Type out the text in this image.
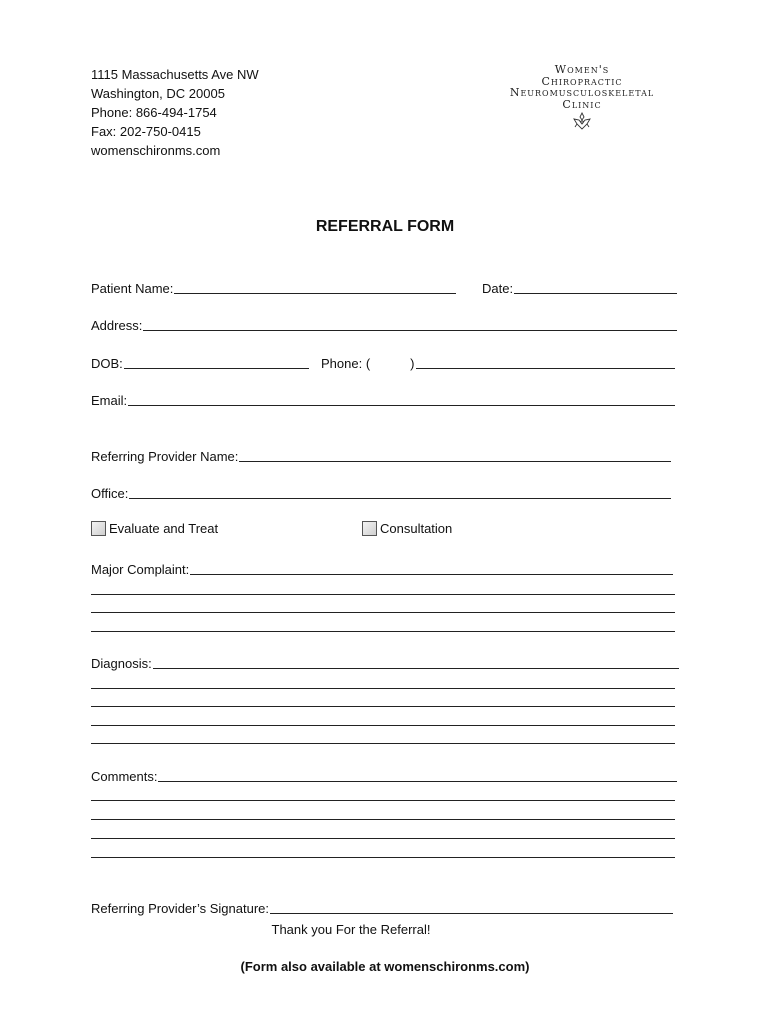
1115 Massachusetts Ave NW
Washington, DC 20005
Phone: 866-494-1754
Fax: 202-750-0415
womenschironms.com
Women's
Chiropractic
Neuromusculoskeletal
Clinic
REFERRAL FORM
Patient Name:	Date:
Address:
DOB:	Phone: (	)
Email:
Referring Provider Name:
Office:
Evaluate and Treat	Consultation
Major Complaint:
Diagnosis:
Comments:
Referring Provider’s Signature:
Thank you For the Referral!
(Form also available at womenschironms.com)
